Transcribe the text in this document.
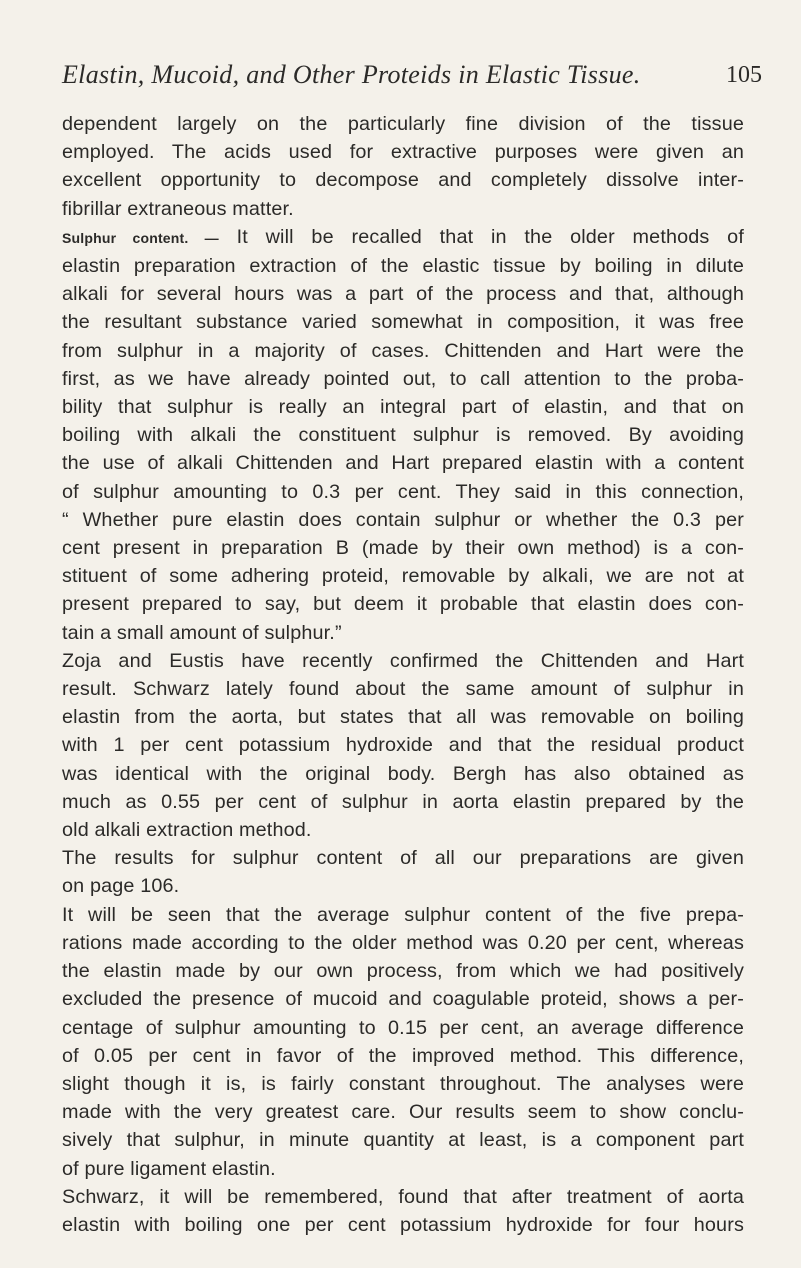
Elastin, Mucoid, and Other Proteids in Elastic Tissue.	105
dependent largely on the particularly fine division of the tissue
employed. The acids used for extractive purposes were given an
excellent opportunity to decompose and completely dissolve inter-
fibrillar extraneous matter.
Sulphur content. — It will be recalled that in the older methods of
elastin preparation extraction of the elastic tissue by boiling in dilute
alkali for several hours was a part of the process and that, although
the resultant substance varied somewhat in composition, it was free
from sulphur in a majority of cases. Chittenden and Hart were the
first, as we have already pointed out, to call attention to the proba-
bility that sulphur is really an integral part of elastin, and that on
boiling with alkali the constituent sulphur is removed. By avoiding
the use of alkali Chittenden and Hart prepared elastin with a content
of sulphur amounting to 0.3 per cent. They said in this connection,
“ Whether pure elastin does contain sulphur or whether the 0.3 per
cent present in preparation B (made by their own method) is a con-
stituent of some adhering proteid, removable by alkali, we are not at
present prepared to say, but deem it probable that elastin does con-
tain a small amount of sulphur.”
Zoja and Eustis have recently confirmed the Chittenden and Hart
result. Schwarz lately found about the same amount of sulphur in
elastin from the aorta, but states that all was removable on boiling
with 1 per cent potassium hydroxide and that the residual product
was identical with the original body. Bergh has also obtained as
much as 0.55 per cent of sulphur in aorta elastin prepared by the
old alkali extraction method.
The results for sulphur content of all our preparations are given
on page 106.
It will be seen that the average sulphur content of the five prepa-
rations made according to the older method was 0.20 per cent, whereas
the elastin made by our own process, from which we had positively
excluded the presence of mucoid and coagulable proteid, shows a per-
centage of sulphur amounting to 0.15 per cent, an average difference
of 0.05 per cent in favor of the improved method. This difference,
slight though it is, is fairly constant throughout. The analyses were
made with the very greatest care. Our results seem to show conclu-
sively that sulphur, in minute quantity at least, is a component part
of pure ligament elastin.
Schwarz, it will be remembered, found that after treatment of aorta
elastin with boiling one per cent potassium hydroxide for four hours
